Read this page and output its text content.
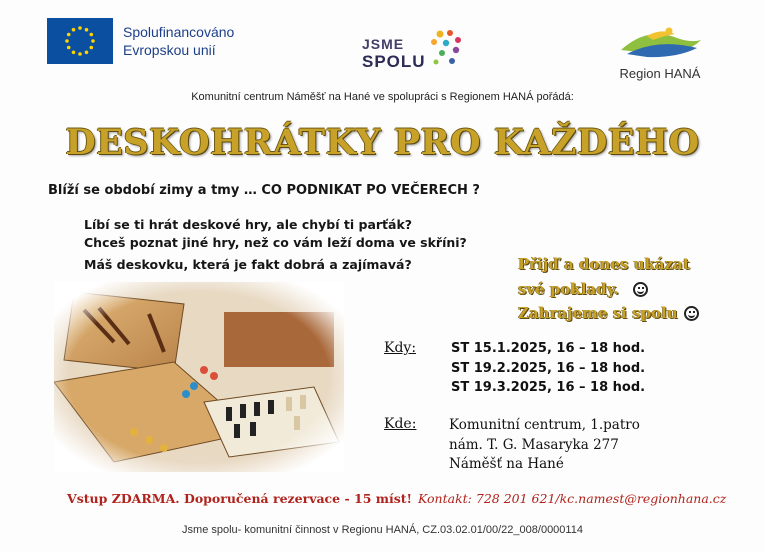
Spolufinancováno
Evropskou unií	JSME
SPOLU
Region HANÁ
Komunitní centrum Náměšť na Hané ve spolupráci s Regionem HANÁ pořádá:
DESKOHRÁTKY PRO KAŽDÉHO
Blíží se období zimy a tmy … CO PODNIKAT PO VEČERECH ?
Líbí se ti hrát deskové hry, ale chybí ti parťák?
Chceš poznat jiné hry, než co vám leží doma ve skříni?
Máš deskovku, která je fakt dobrá a zajímavá?	Přijď a dones ukázat
své poklady.
Zahrajeme si spolu
Kdy:	ST 15.1.2025, 16 – 18 hod.
ST 19.2.2025, 16 – 18 hod.
ST 19.3.2025, 16 – 18 hod.
Kde: Komunitní centrum, 1.patro
nám. T. G. Masaryka 277
Náměšť na Hané
Vstup ZDARMA. Doporučená rezervace - 15 míst! Kontakt: 728 201 621/kc.namest@regionhana.cz
Jsme spolu- komunitní činnost v Regionu HANÁ, CZ.03.02.01/00/22_008/0000114
